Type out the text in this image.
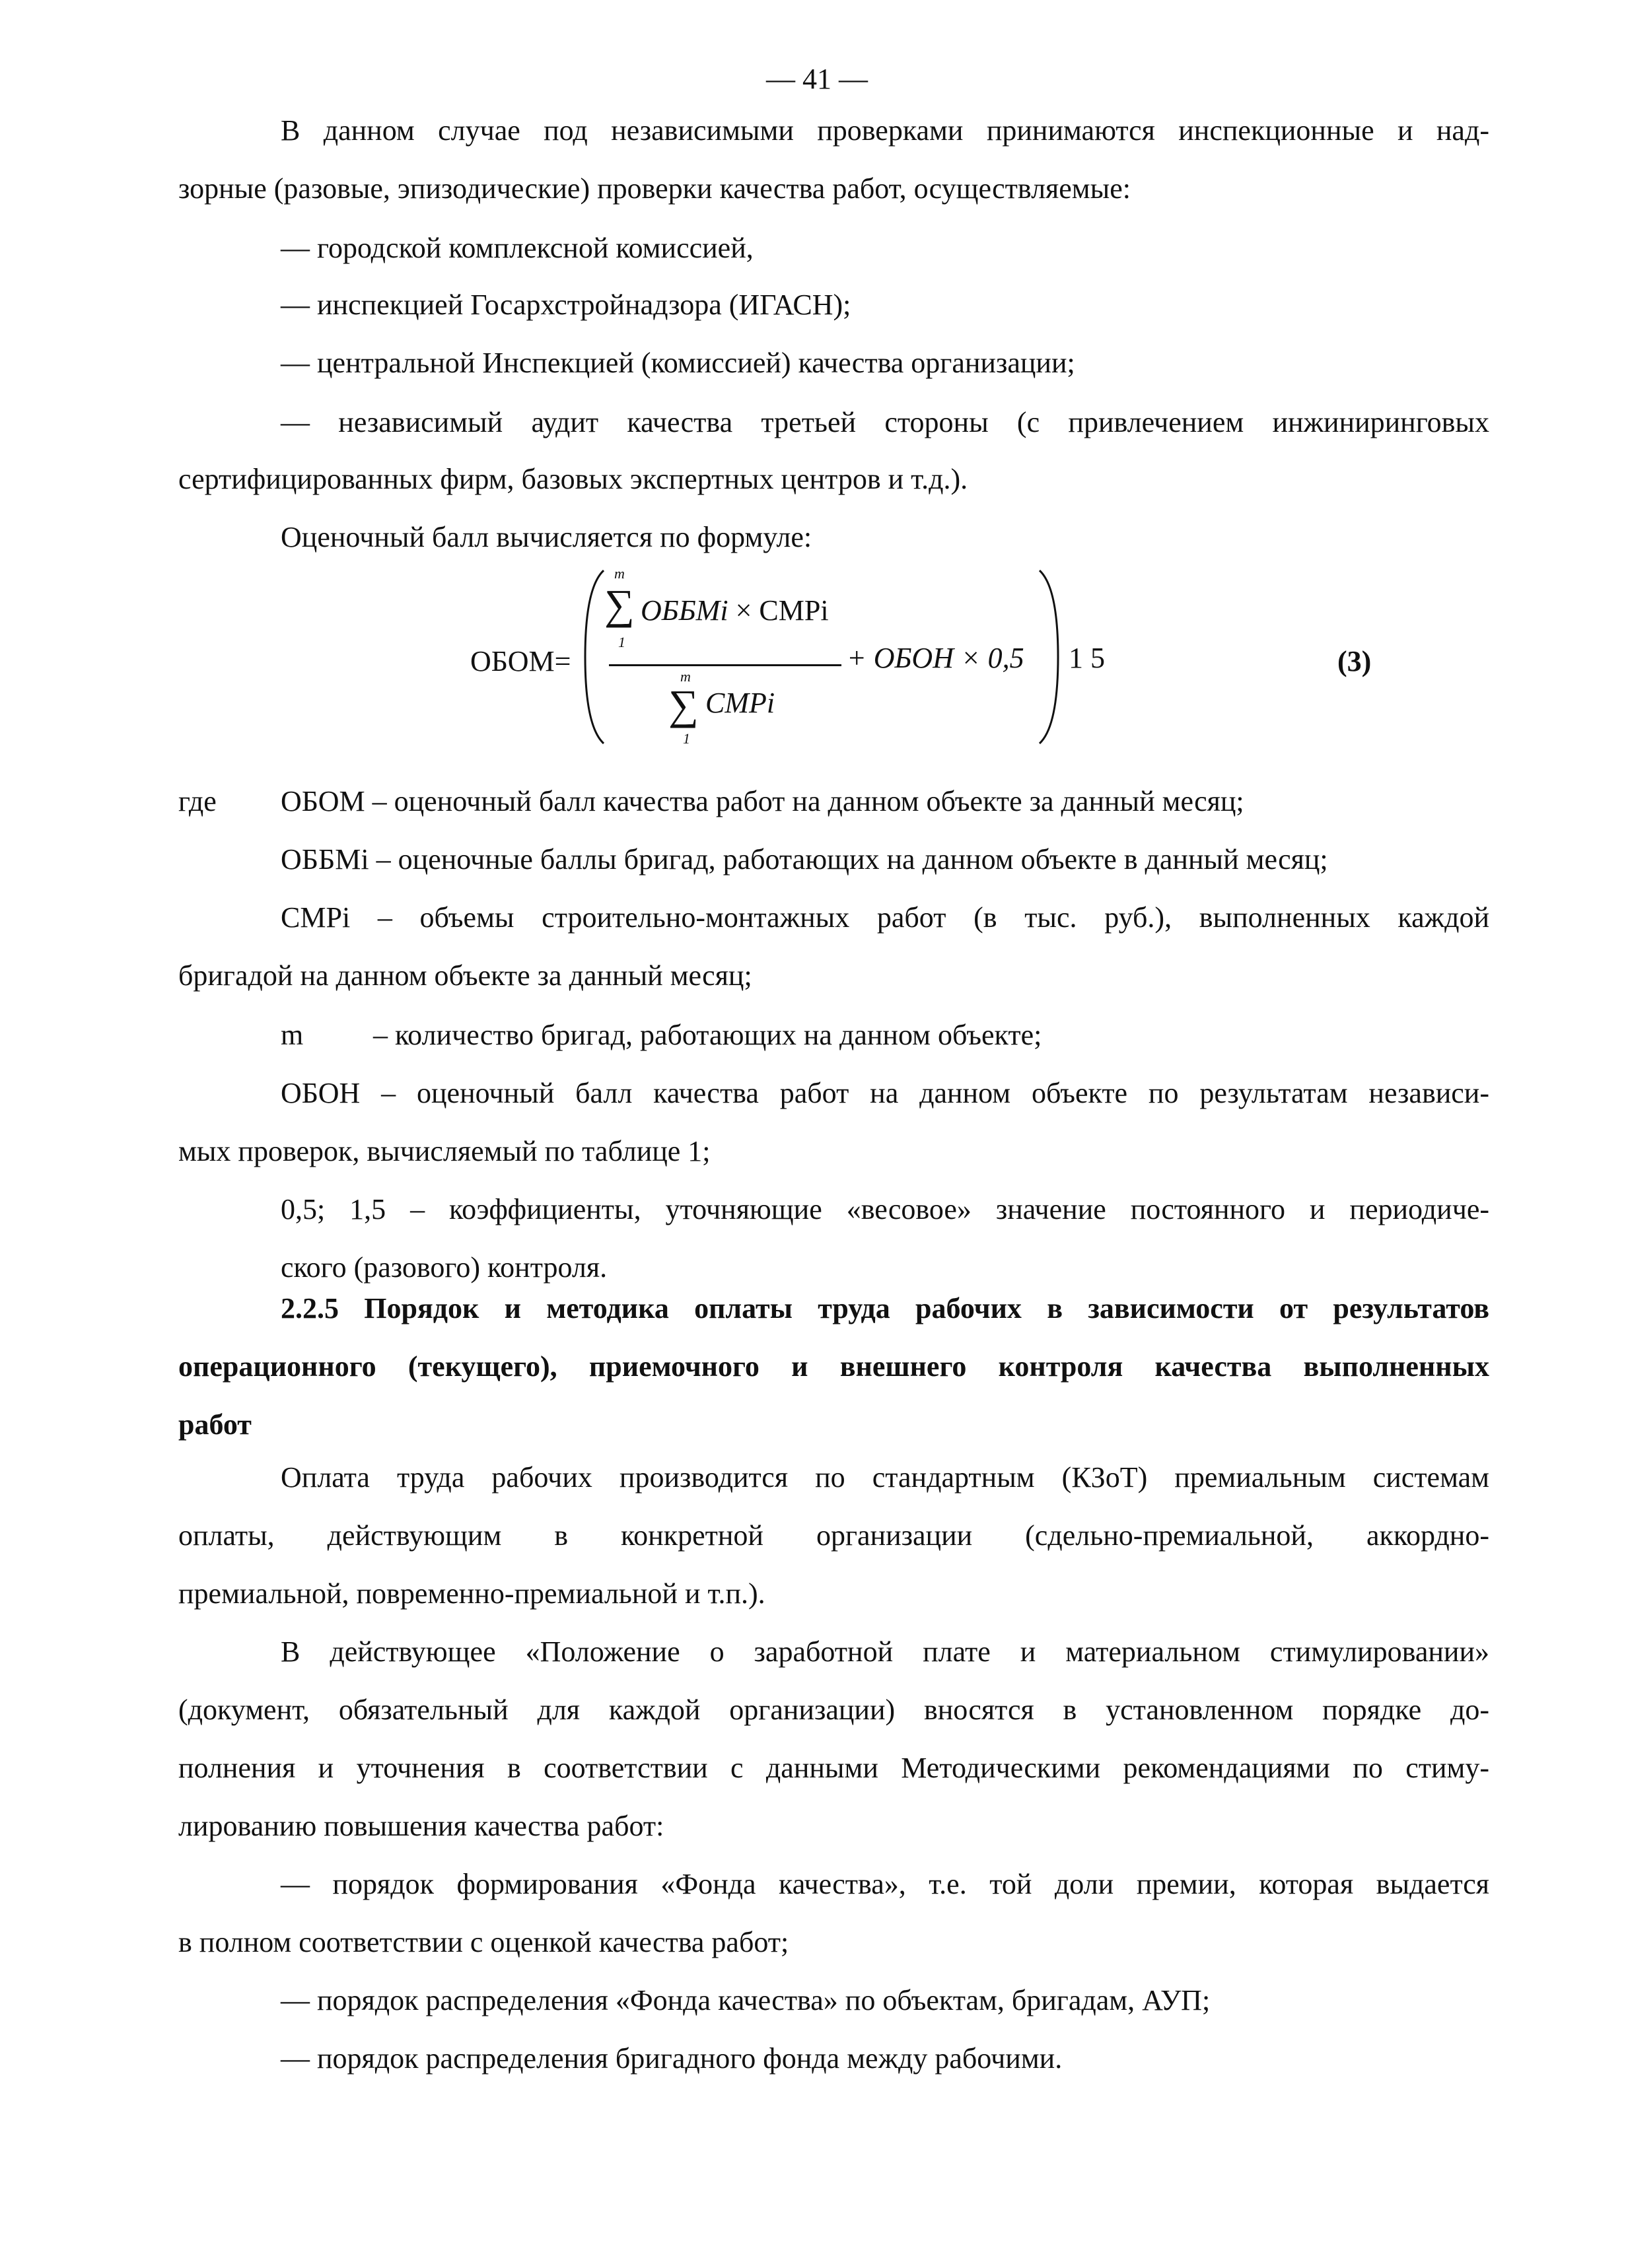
— 41 —
В данном случае под независимыми проверками принимаются инспекционные и над-
зорные (разовые, эпизодические) проверки качества работ, осуществляемые:
— городской комплексной комиссией,
— инспекцией Госархстройнадзора (ИГАСН);
— центральной Инспекцией (комиссией) качества организации;
— независимый аудит качества третьей стороны (с привлечением инжиниринговых
сертифицированных фирм, базовых экспертных центров и т.д.).
Оценочный балл вычисляется по формуле:
ОБОМ=
m
∑
1
ОББМi × СМРi
m
∑
1
СМРi
+ ОБОН × 0,5 1 5	(3)
где ОБОМ – оценочный балл качества работ на данном объекте за данный месяц;
ОББМi – оценочные баллы бригад, работающих на данном объекте в данный месяц;
СМРi – объемы строительно-монтажных работ (в тыс. руб.), выполненных каждой
бригадой на данном объекте за данный месяц;
m – количество бригад, работающих на данном объекте;
ОБОН – оценочный балл качества работ на данном объекте по результатам независи-
мых проверок, вычисляемый по таблице 1;
0,5; 1,5 – коэффициенты, уточняющие «весовое» значение постоянного и периодиче-
ского (разового) контроля.
2.2.5 Порядок и методика оплаты труда рабочих в зависимости от результатов
операционного (текущего), приемочного и внешнего контроля качества выполненных
работ
Оплата труда рабочих производится по стандартным (КЗоТ) премиальным системам
оплаты, действующим в конкретной организации (сдельно-премиальной, аккордно-
премиальной, повременно-премиальной и т.п.).
В действующее «Положение о заработной плате и материальном стимулировании»
(документ, обязательный для каждой организации) вносятся в установленном порядке до-
полнения и уточнения в соответствии с данными Методическими рекомендациями по стиму-
лированию повышения качества работ:
— порядок формирования «Фонда качества», т.е. той доли премии, которая выдается
в полном соответствии с оценкой качества работ;
— порядок распределения «Фонда качества» по объектам, бригадам, АУП;
— порядок распределения бригадного фонда между рабочими.
